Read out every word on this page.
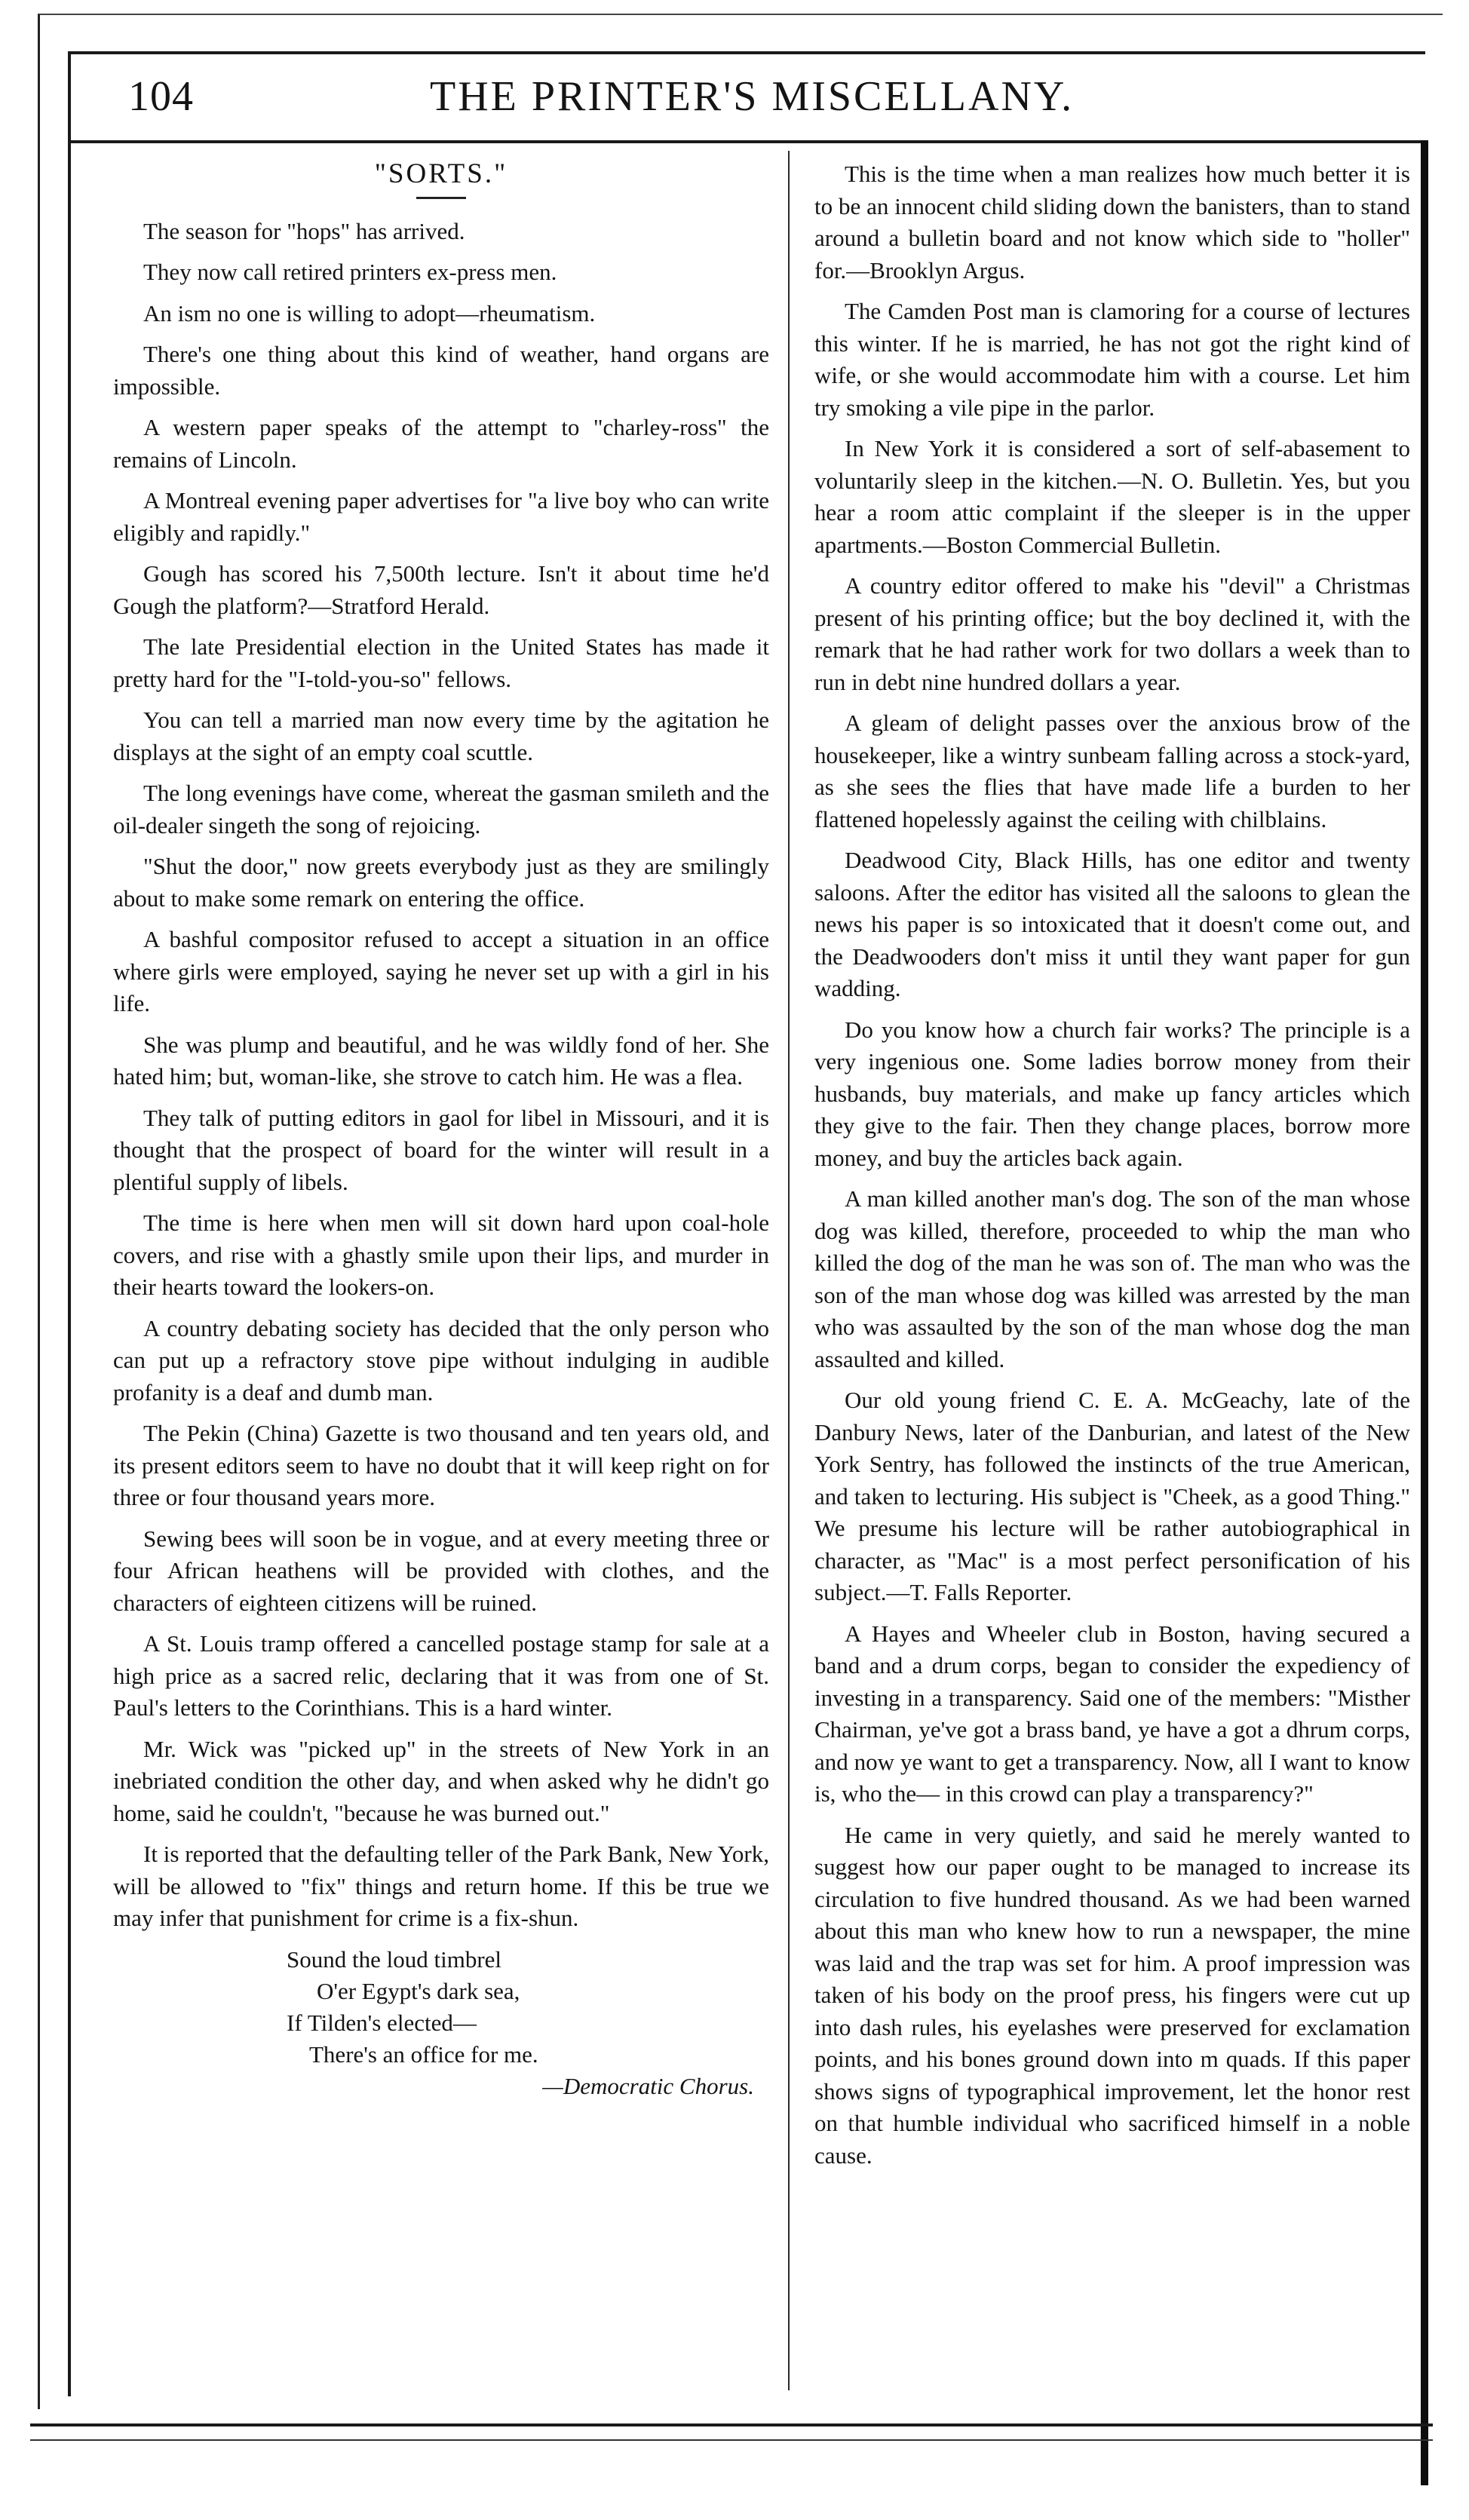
104	THE PRINTER'S MISCELLANY.
"SORTS."

The season for "hops" has arrived.

They now call retired printers ex-press men.

An ism no one is willing to adopt—rheumatism.

There's one thing about this kind of weather, hand organs are impossible.

A western paper speaks of the attempt to "charley-ross" the remains of Lincoln.

A Montreal evening paper advertises for "a live boy who can write eligibly and rapidly."

Gough has scored his 7,500th lecture. Isn't it about time he'd Gough the platform?—Stratford Herald.

The late Presidential election in the United States has made it pretty hard for the "I-told-you-so" fellows.

You can tell a married man now every time by the agitation he displays at the sight of an empty coal scuttle.

The long evenings have come, whereat the gasman smileth and the oil-dealer singeth the song of rejoicing.

"Shut the door," now greets everybody just as they are smilingly about to make some remark on entering the office.

A bashful compositor refused to accept a situation in an office where girls were employed, saying he never set up with a girl in his life.

She was plump and beautiful, and he was wildly fond of her. She hated him; but, woman-like, she strove to catch him. He was a flea.

They talk of putting editors in gaol for libel in Missouri, and it is thought that the prospect of board for the winter will result in a plentiful supply of libels.

The time is here when men will sit down hard upon coal-hole covers, and rise with a ghastly smile upon their lips, and murder in their hearts toward the lookers-on.

A country debating society has decided that the only person who can put up a refractory stove pipe without indulging in audible profanity is a deaf and dumb man.

The Pekin (China) Gazette is two thousand and ten years old, and its present editors seem to have no doubt that it will keep right on for three or four thousand years more.

Sewing bees will soon be in vogue, and at every meeting three or four African heathens will be provided with clothes, and the characters of eighteen citizens will be ruined.

A St. Louis tramp offered a cancelled postage stamp for sale at a high price as a sacred relic, declaring that it was from one of St. Paul's letters to the Corinthians. This is a hard winter.

Mr. Wick was "picked up" in the streets of New York in an inebriated condition the other day, and when asked why he didn't go home, said he couldn't, "because he was burned out."

It is reported that the defaulting teller of the Park Bank, New York, will be allowed to "fix" things and return home. If this be true we may infer that punishment for crime is a fix-shun.

Sound the loud timbrel
O'er Egypt's dark sea,
If Tilden's elected—
There's an office for me.
—Democratic Chorus.

This is the time when a man realizes how much better it is to be an innocent child sliding down the banisters, than to stand around a bulletin board and not know which side to "holler" for.—Brooklyn Argus.

The Camden Post man is clamoring for a course of lectures this winter. If he is married, he has not got the right kind of wife, or she would accommodate him with a course. Let him try smoking a vile pipe in the parlor.

In New York it is considered a sort of self-abasement to voluntarily sleep in the kitchen.—N. O. Bulletin. Yes, but you hear a room attic complaint if the sleeper is in the upper apartments.—Boston Commercial Bulletin.

A country editor offered to make his "devil" a Christmas present of his printing office; but the boy declined it, with the remark that he had rather work for two dollars a week than to run in debt nine hundred dollars a year.

A gleam of delight passes over the anxious brow of the housekeeper, like a wintry sunbeam falling across a stock-yard, as she sees the flies that have made life a burden to her flattened hopelessly against the ceiling with chilblains.

Deadwood City, Black Hills, has one editor and twenty saloons. After the editor has visited all the saloons to glean the news his paper is so intoxicated that it doesn't come out, and the Deadwooders don't miss it until they want paper for gun wadding.

Do you know how a church fair works? The principle is a very ingenious one. Some ladies borrow money from their husbands, buy materials, and make up fancy articles which they give to the fair. Then they change places, borrow more money, and buy the articles back again.

A man killed another man's dog. The son of the man whose dog was killed, therefore, proceeded to whip the man who killed the dog of the man he was son of. The man who was the son of the man whose dog was killed was arrested by the man who was assaulted by the son of the man whose dog the man assaulted and killed.

Our old young friend C. E. A. McGeachy, late of the Danbury News, later of the Danburian, and latest of the New York Sentry, has followed the instincts of the true American, and taken to lecturing. His subject is "Cheek, as a good Thing." We presume his lecture will be rather autobiographical in character, as "Mac" is a most perfect personification of his subject.—T. Falls Reporter.

A Hayes and Wheeler club in Boston, having secured a band and a drum corps, began to consider the expediency of investing in a transparency. Said one of the members: "Misther Chairman, ye've got a brass band, ye have a got a dhrum corps, and now ye want to get a transparency. Now, all I want to know is, who the— in this crowd can play a transparency?"

He came in very quietly, and said he merely wanted to suggest how our paper ought to be managed to increase its circulation to five hundred thousand. As we had been warned about this man who knew how to run a newspaper, the mine was laid and the trap was set for him. A proof impression was taken of his body on the proof press, his fingers were cut up into dash rules, his eyelashes were preserved for exclamation points, and his bones ground down into m quads. If this paper shows signs of typographical improvement, let the honor rest on that humble individual who sacrificed himself in a noble cause.
